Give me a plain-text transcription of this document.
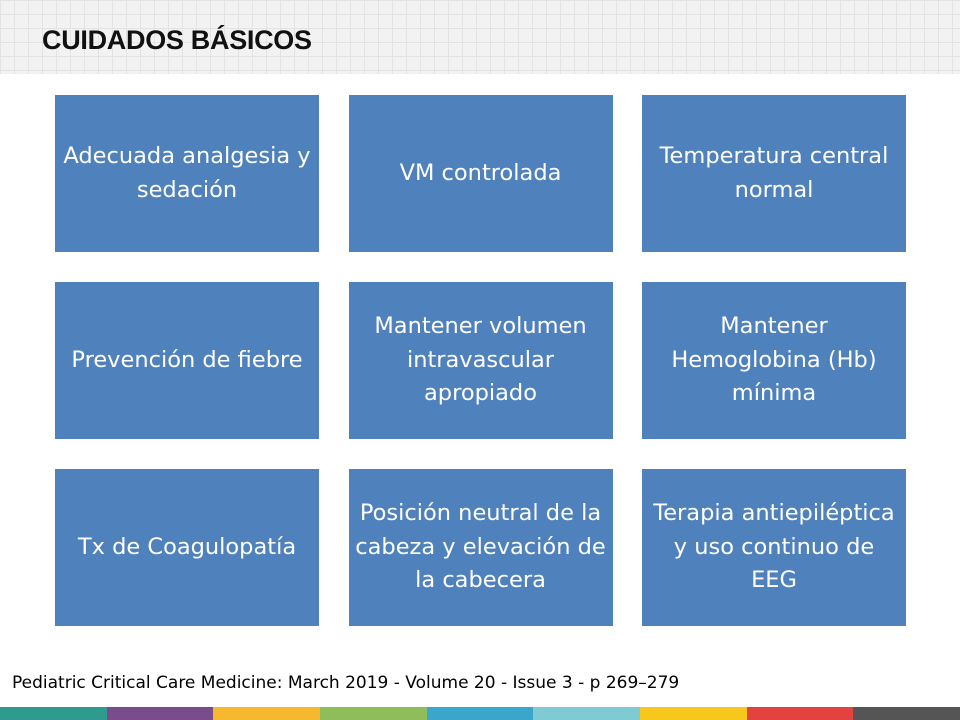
CUIDADOS BÁSICOS
Adecuada analgesia y sedación
VM controlada
Temperatura central normal
Prevención de fiebre
Mantener volumen intravascular apropiado
Mantener Hemoglobina (Hb) mínima
Tx de Coagulopatía
Posición neutral de la cabeza y elevación de la cabecera
Terapia antiepiléptica y uso continuo de EEG
Pediatric Critical Care Medicine: March 2019 - Volume 20 - Issue 3 - p 269–279
